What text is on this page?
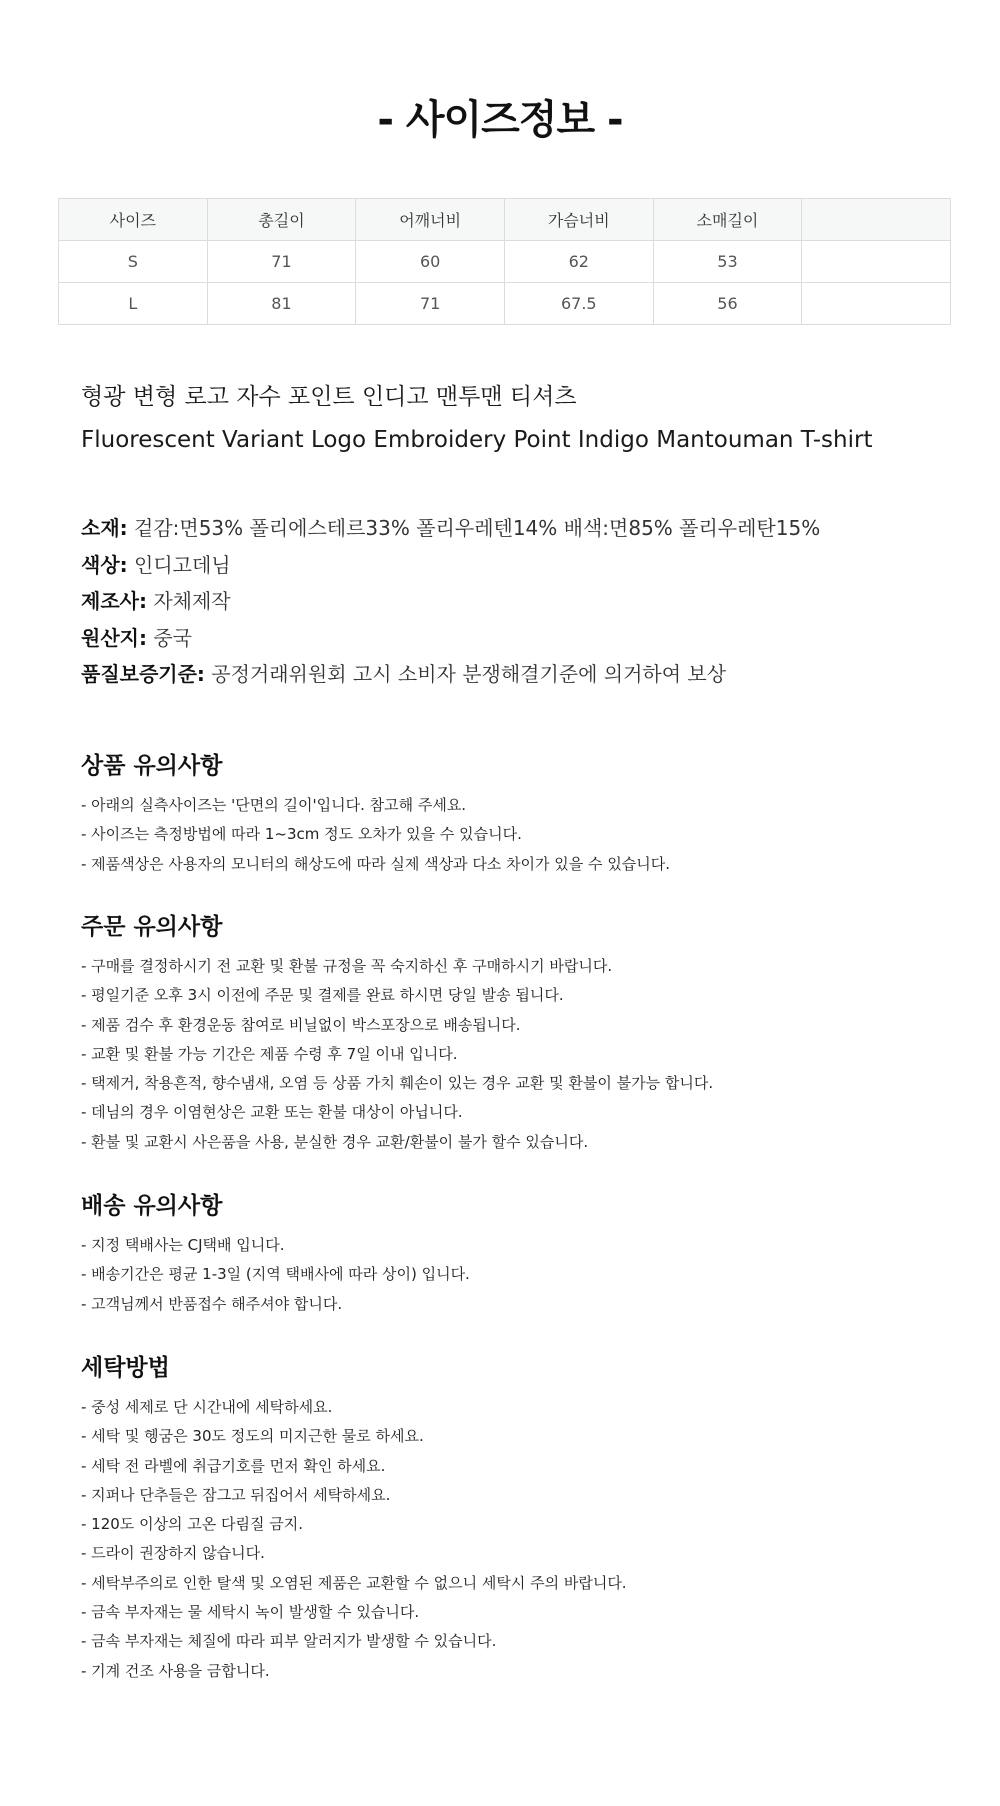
- 사이즈정보 -
사이즈	총길이	어깨너비	가슴너비	소매길이	
S	71	60	62	53	
L	81	71	67.5	56	

형광 변형 로고 자수 포인트 인디고 맨투맨 티셔츠

Fluorescent Variant Logo Embroidery Point Indigo Mantouman T-shirt

소재: 겉감:면53% 폴리에스테르33% 폴리우레텐14% 배색:면85% 폴리우레탄15%
색상: 인디고데님
제조사: 자체제작
원산지: 중국
품질보증기준: 공정거래위원회 고시 소비자 분쟁해결기준에 의거하여 보상
상품 유의사항
- 아래의 실측사이즈는 '단면의 길이'입니다. 참고해 주세요.
- 사이즈는 측정방법에 따라 1~3cm 정도 오차가 있을 수 있습니다.
- 제품색상은 사용자의 모니터의 해상도에 따라 실제 색상과 다소 차이가 있을 수 있습니다.
주문 유의사항
- 구매를 결정하시기 전 교환 및 환불 규정을 꼭 숙지하신 후 구매하시기 바랍니다.
- 평일기준 오후 3시 이전에 주문 및 결제를 완료 하시면 당일 발송 됩니다.
- 제품 검수 후 환경운동 참여로 비닐없이 박스포장으로 배송됩니다.
- 교환 및 환불 가능 기간은 제품 수령 후 7일 이내 입니다.
- 택제거, 착용흔적, 향수냄새, 오염 등 상품 가치 훼손이 있는 경우 교환 및 환불이 불가능 합니다.
- 데님의 경우 이염현상은 교환 또는 환불 대상이 아닙니다.
- 환불 및 교환시 사은품을 사용, 분실한 경우 교환/환불이 불가 할수 있습니다.
배송 유의사항
- 지정 택배사는 CJ택배 입니다.
- 배송기간은 평균 1-3일 (지역 택배사에 따라 상이) 입니다.
- 고객님께서 반품접수 해주셔야 합니다.
세탁방법
- 중성 세제로 단 시간내에 세탁하세요.
- 세탁 및 헹굼은 30도 정도의 미지근한 물로 하세요.
- 세탁 전 라벨에 취급기호를 먼저 확인 하세요.
- 지퍼나 단추들은 잠그고 뒤집어서 세탁하세요.
- 120도 이상의 고온 다림질 금지.
- 드라이 권장하지 않습니다.
- 세탁부주의로 인한 탈색 및 오염된 제품은 교환할 수 없으니 세탁시 주의 바랍니다.
- 금속 부자재는 물 세탁시 녹이 발생할 수 있습니다.
- 금속 부자재는 체질에 따라 피부 알러지가 발생할 수 있습니다.
- 기계 건조 사용을 금합니다.
